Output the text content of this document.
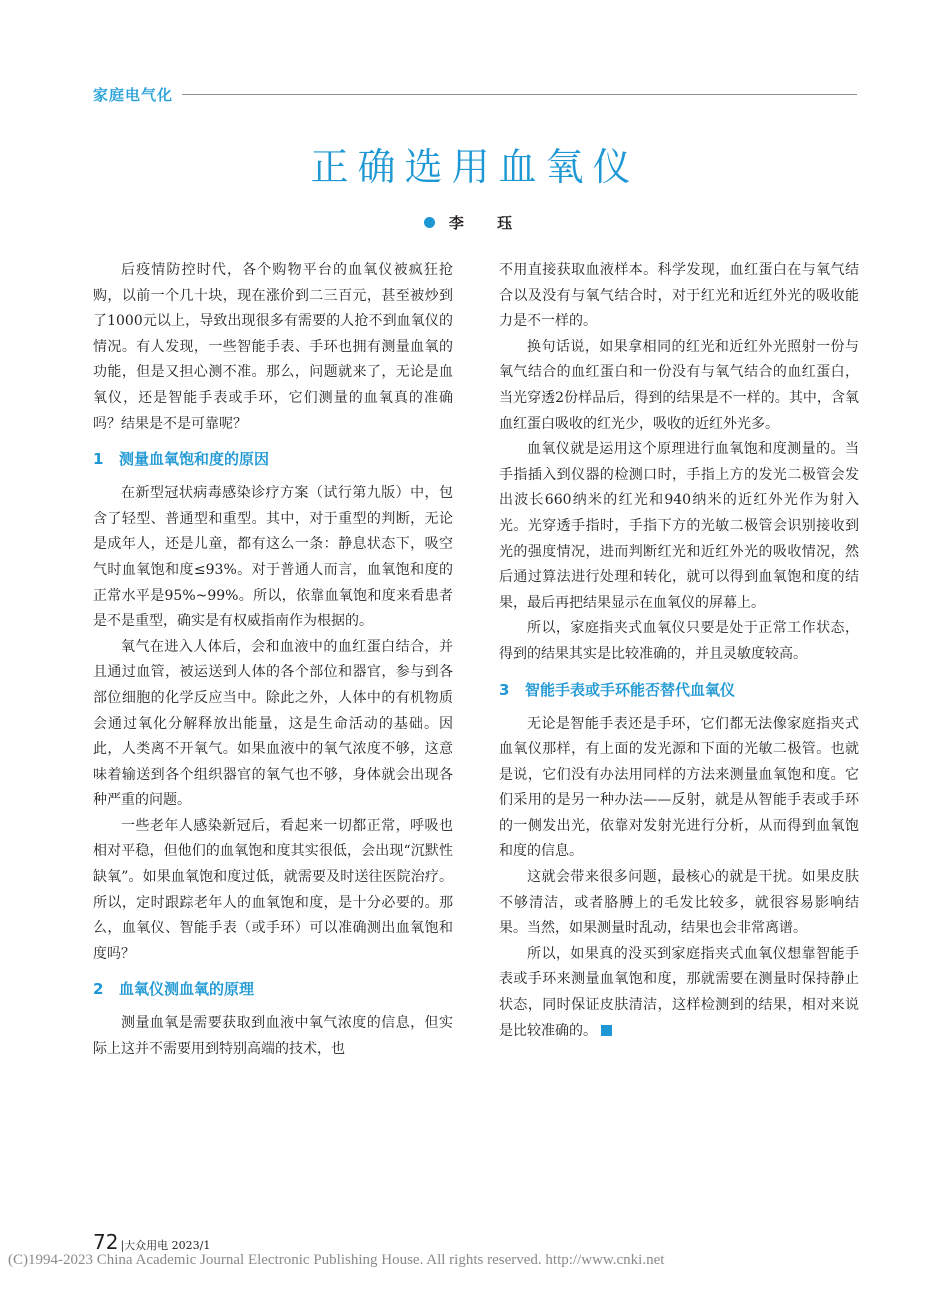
家庭电气化
正确选用血氧仪
李 珏

后疫情防控时代，各个购物平台的血氧仪被疯狂抢购，以前一个几十块，现在涨价到二三百元，甚至被炒到了1000元以上，导致出现很多有需要的人抢不到血氧仪的情况。有人发现，一些智能手表、手环也拥有测量血氧的功能，但是又担心测不准。那么，问题就来了，无论是血氧仪，还是智能手表或手环，它们测量的血氧真的准确吗？结果是不是可靠呢？

1 测量血氧饱和度的原因

在新型冠状病毒感染诊疗方案（试行第九版）中，包含了轻型、普通型和重型。其中，对于重型的判断，无论是成年人，还是儿童，都有这么一条：静息状态下，吸空气时血氧饱和度≤93%。对于普通人而言，血氧饱和度的正常水平是95%~99%。所以，依靠血氧饱和度来看患者是不是重型，确实是有权威指南作为根据的。

氧气在进入人体后，会和血液中的血红蛋白结合，并且通过血管，被运送到人体的各个部位和器官，参与到各部位细胞的化学反应当中。除此之外，人体中的有机物质会通过氧化分解释放出能量，这是生命活动的基础。因此，人类离不开氧气。如果血液中的氧气浓度不够，这意味着输送到各个组织器官的氧气也不够，身体就会出现各种严重的问题。

一些老年人感染新冠后，看起来一切都正常，呼吸也相对平稳，但他们的血氧饱和度其实很低，会出现“沉默性缺氧”。如果血氧饱和度过低，就需要及时送往医院治疗。所以，定时跟踪老年人的血氧饱和度，是十分必要的。那么，血氧仪、智能手表（或手环）可以准确测出血氧饱和度吗？

2 血氧仪测血氧的原理

测量血氧是需要获取到血液中氧气浓度的信息，但实际上这并不需要用到特别高端的技术，也

不用直接获取血液样本。科学发现，血红蛋白在与氧气结合以及没有与氧气结合时，对于红光和近红外光的吸收能力是不一样的。

换句话说，如果拿相同的红光和近红外光照射一份与氧气结合的血红蛋白和一份没有与氧气结合的血红蛋白，当光穿透2份样品后，得到的结果是不一样的。其中，含氧血红蛋白吸收的红光少，吸收的近红外光多。

血氧仪就是运用这个原理进行血氧饱和度测量的。当手指插入到仪器的检测口时，手指上方的发光二极管会发出波长660纳米的红光和940纳米的近红外光作为射入光。光穿透手指时，手指下方的光敏二极管会识别接收到光的强度情况，进而判断红光和近红外光的吸收情况，然后通过算法进行处理和转化，就可以得到血氧饱和度的结果，最后再把结果显示在血氧仪的屏幕上。

所以，家庭指夹式血氧仪只要是处于正常工作状态，得到的结果其实是比较准确的，并且灵敏度较高。

3 智能手表或手环能否替代血氧仪

无论是智能手表还是手环，它们都无法像家庭指夹式血氧仪那样，有上面的发光源和下面的光敏二极管。也就是说，它们没有办法用同样的方法来测量血氧饱和度。它们采用的是另一种办法——反射，就是从智能手表或手环的一侧发出光，依靠对发射光进行分析，从而得到血氧饱和度的信息。

这就会带来很多问题，最核心的就是干扰。如果皮肤不够清洁，或者胳膊上的毛发比较多，就很容易影响结果。当然，如果测量时乱动，结果也会非常离谱。

所以，如果真的没买到家庭指夹式血氧仪想靠智能手表或手环来测量血氧饱和度，那就需要在测量时保持静止状态，同时保证皮肤清洁，这样检测到的结果，相对来说是比较准确的。

72 |大众用电 2023/1
(C)1994-2023 China Academic Journal Electronic Publishing House. All rights reserved. http://www.cnki.net
